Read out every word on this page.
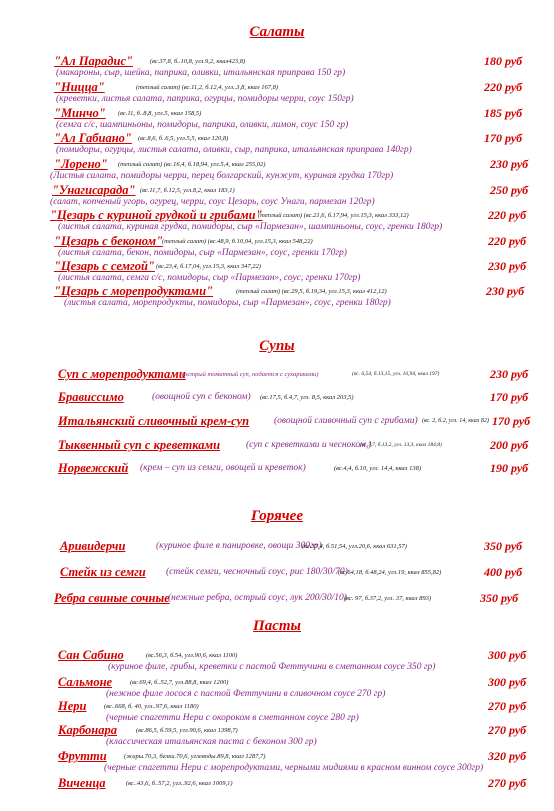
Салаты
"Ал Парадис"	(вс.37,8, б..10,8, угл.9,2, ккал423,8)	180 руб
(макароны, сыр, шейка, паприка, оливки, итальянская приправа 150 гр)
"Ницца"	(теплый салат) (вс.11,2, б.12,4, угл..3,8, ккал 167,8)	220 руб
(креветки, листья салата, паприка, огурцы, помидоры черри, соус 150гр)
"Минчо" (вс.11, б..8,8, угл.5, ккал 158,5)	185 руб
(семга с/с, шампиньоны, помидоры, паприка, оливки, лимон, соус 150 гр)
"Ал Габиано" (вс.8,6, б..6,5, угл.5,5, ккал 120,8)	170 руб
(помидоры, огурцы, листья салата, оливки, сыр, паприка, итальянская приправа 140гр)
"Лорено" (теплый салат) (вс.16,4, б.18,94, угл.5,4, ккал 255,02)	230 руб
(Листья салата, помидоры черри, перец болгарский, кунжут, куриная грудка 170гр)
"Унагисарада" (вс.11,7, б.12,5, угл.8,2, ккал 183,1)	250 руб
(салат, копченый угорь, огурец, черри, соус Цезарь, соус Унаги, пармезан 120гр)
"Цезарь с куриной грудкой и грибами"
(теплый салат) (вс.21,6, б.17,94, угл.15,3, ккал 333,12)	220 руб
(листья салата, куриная грудка, помидоры, сыр «Пармезан», шампиньоны, соус, гренки 180гр)
"Цезарь с беконом"
(теплый салат) (вс.48,9, б.10,04, угл.15,3, ккал 548,22)	220 руб
(листья салата, бекон, помидоры, сыр «Пармезан», соус, гренки 170гр)
"Цезарь с семгой" (вс.23,4, б.17,04, угл.15,3, ккал 347,22)	230 руб
(листья салата, семга с/с, помидоры, сыр «Пармезан», соус, гренки 170гр)
"Цезарь с морепродуктами"	(теплый салат) (вс.29,5, б.19,34, угл.15,3, ккал 412,12)	230 руб
(листья салата, морепродукты, помидоры, сыр «Пармезан», соус, гренки 180гр)
Супы
Суп с морепродуктами
(острый томатный суп, подается с сухариками)	(вс. 6,54, б.13,15, угл. 16,94, ккал 197)	230 руб
Брависсимо	(овощной суп с беконом) (вс.17,5, б.4,7, угл. 8,5, ккал 203,5)	170 руб
Итальянский сливочный крем-суп	(овощной сливочный суп с грибами) (вс. 2, б.2, угл. 14, ккал 82) 170 руб
Тыквенный суп с креветками	(суп с креветками и чесноком,)
(вс.7,7, б.13,2, угл. 13,3, ккал 184,8)	200 руб
Норвежский (крем – суп из семги, овощей и креветок)	(вс.4,4, б.10, угл. 14,4, ккал 138)	190 руб
Горячее
Аривидерчи	(куриное филе в панировке, овощи 300гр)
(вс.37,4, б.51,54, угл.20,6, ккал 631,57)	350 руб
Стейк из семги (стейк семги, чесночный соус, рис 180/30/70)
(вс.64,18, б.48,24, угл.19, ккал 855,82)	400 руб
Ребра свиные сочные
(нежные ребра, острый соус, лук 200/30/10)
(вс. 97, б.37,2, угл. 37, ккал 893)	350 руб
Пасты
Сан Сабино	(вс.56,3, б.54, угл.90,6, ккал 1100)	300 руб
(куриное филе, грибы, креветки с пастой Феттучини в сметанном соусе 350 гр)
Сальмоне	(вс.69,4, б..52,7, угл.88,8, ккал 1200)	300 руб
(нежное филе лосося с пастой Феттучини в сливочном соусе 270 гр)
Нери	(вс..668, б. 40, угл..97,6, ккал 1180)	270 руб
(черные спагетти Нери с окороком в сметанном соусе 280 гр)
Карбонара	(вс.86,5, б.59,5, угл.90,6, ккал 1398,7)	270 руб
(классическая итальянская паста с беконом 300 гр)
Фрутти	(жиры.70,3, белки.70,6, углеводы.89,8, ккал 1287,7)	320 руб
(черные спагетти Нери с морепродуктами, черными мидиями в красном винном соусе 300гр)
Виченца	(вс..43,6, б..57,2, угл..92,6, ккал 1009,1)	270 руб
